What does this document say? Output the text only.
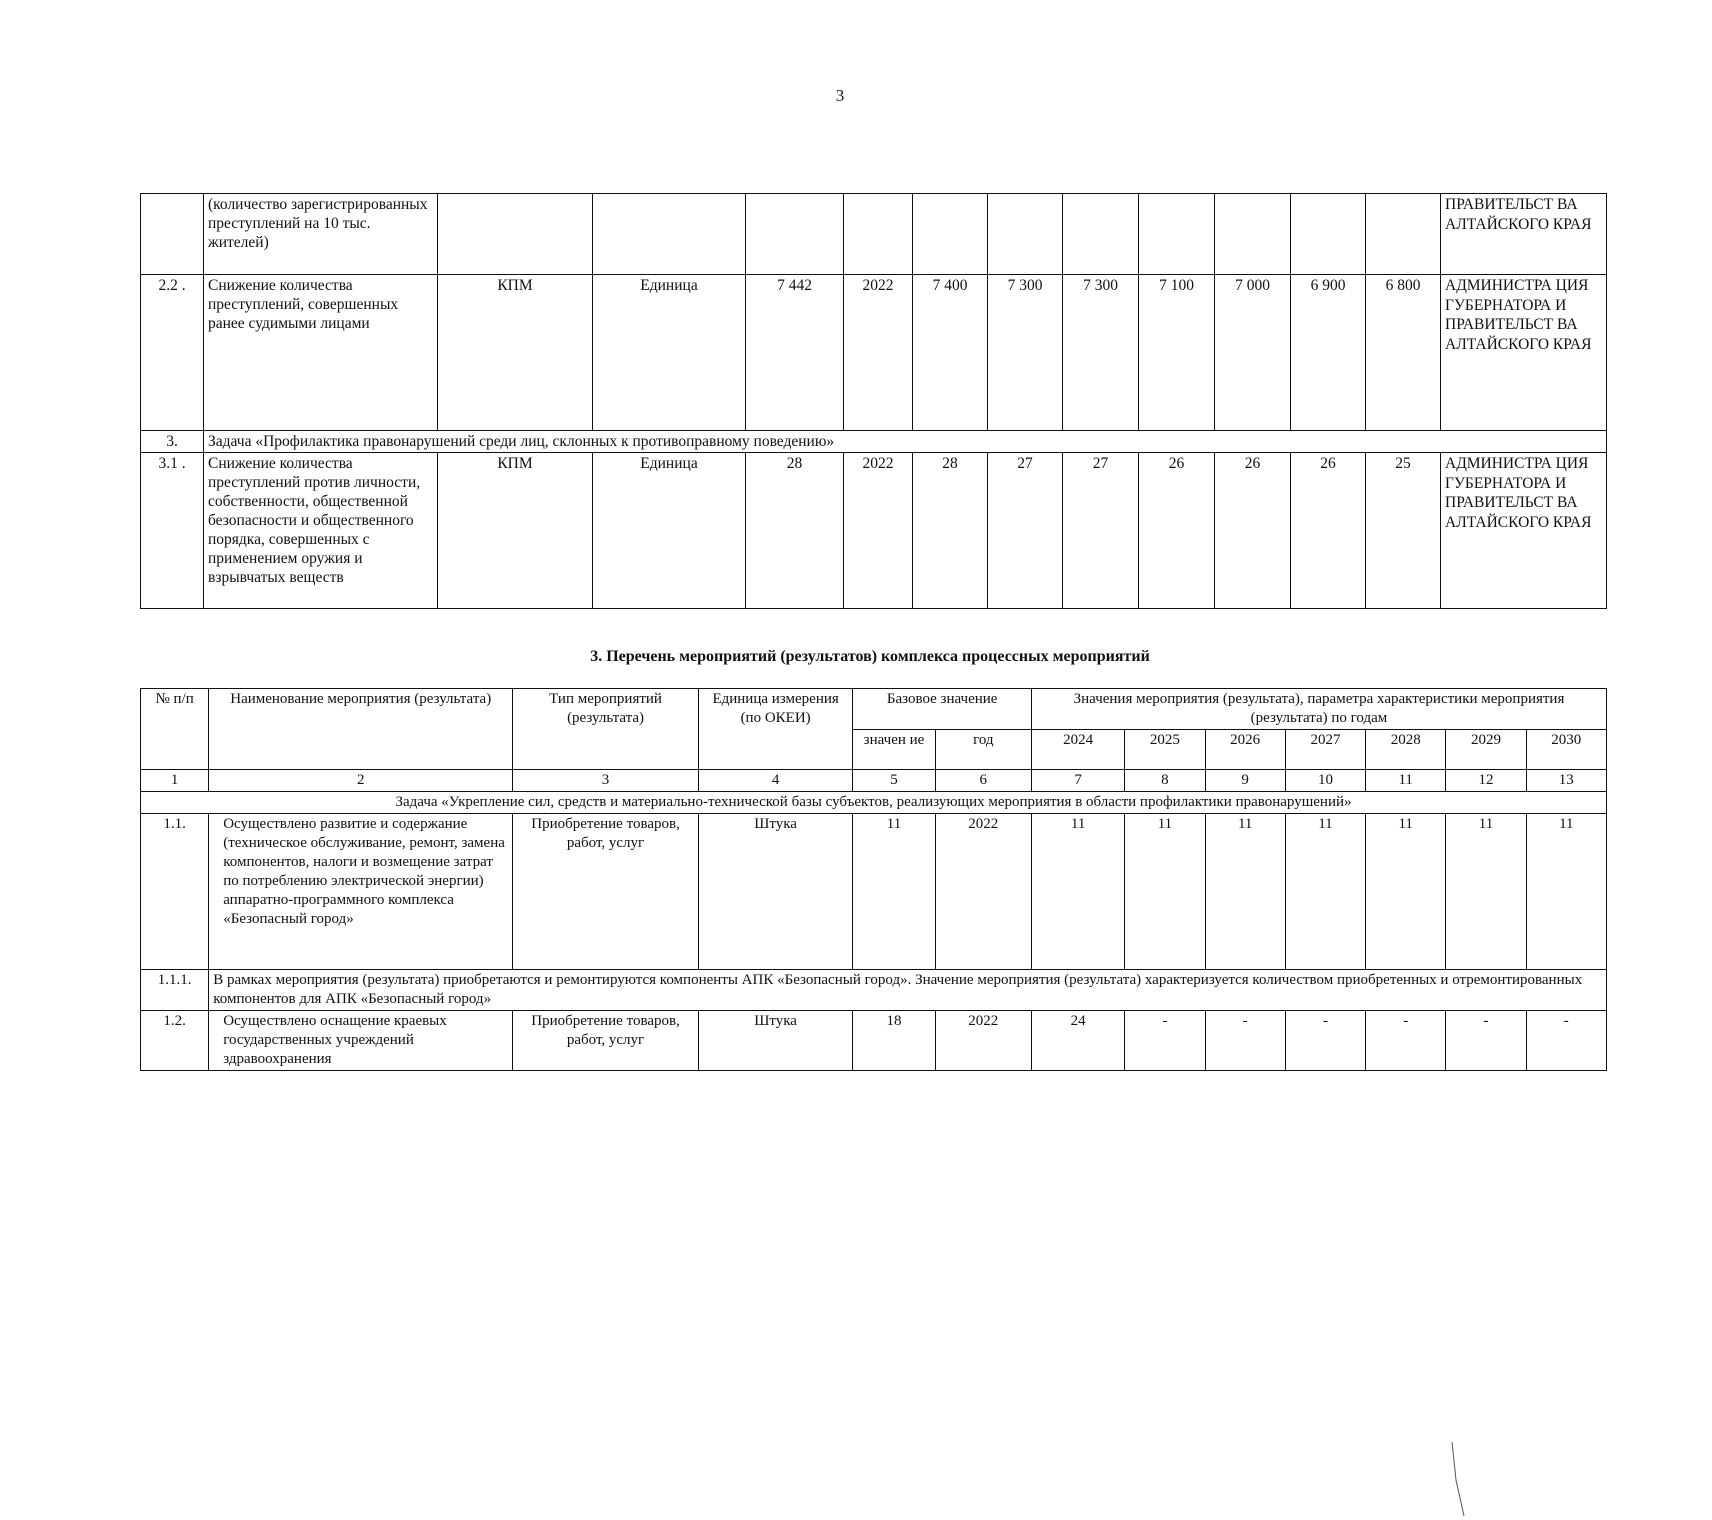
3
	(количество зарегистрированных преступлений на 10 тыс. жителей)												ПРАВИТЕЛЬСТ ВА АЛТАЙСКОГО КРАЯ
2.2 .	Снижение количества преступлений, совершенных ранее судимыми лицами	КПМ	Единица	7 442	2022	7 400	7 300	7 300	7 100	7 000	6 900	6 800	АДМИНИСТРА ЦИЯ ГУБЕРНАТОРА И ПРАВИТЕЛЬСТ ВА АЛТАЙСКОГО КРАЯ
3.	Задача «Профилактика правонарушений среди лиц, склонных к противоправному поведению»												
3.1 .	Снижение количества преступлений против личности, собственности, общественной безопасности и общественного порядка, совершенных с применением оружия и взрывчатых веществ	КПМ	Единица	28	2022	28	27	27	26	26	26	25	АДМИНИСТРА ЦИЯ ГУБЕРНАТОРА И ПРАВИТЕЛЬСТ ВА АЛТАЙСКОГО КРАЯ
3. Перечень мероприятий (результатов) комплекса процессных мероприятий
№ п/п	Наименование мероприятия (результата)	Тип мероприятий (результата)	Единица измерения (по ОКЕИ)	Базовое значение		Значения мероприятия (результата), параметра характеристики мероприятия (результата) по годам						
				значен ие	год	2024	2025	2026	2027	2028	2029	2030
1	2	3	4	5	6	7	8	9	10	11	12	13
Задача «Укрепление сил, средств и материально-технической базы субъектов, реализующих мероприятия в области профилактики правонарушений»												
1.1.	Осуществлено развитие и содержание (техническое обслуживание, ремонт, замена компонентов, налоги и возмещение затрат по потреблению электрической энергии) аппаратно-программного комплекса «Безопасный город»	Приобретение товаров, работ, услуг	Штука	11	2022	11	11	11	11	11	11	11
1.1.1.	В рамках мероприятия (результата) приобретаются и ремонтируются компоненты АПК «Безопасный город». Значение мероприятия (результата) характеризуется количеством приобретенных и отремонтированных компонентов для АПК «Безопасный город»											
1.2.	Осуществлено оснащение краевых государственных учреждений здравоохранения	Приобретение товаров, работ, услуг	Штука	18	2022	24	-	-	-	-	-	-
